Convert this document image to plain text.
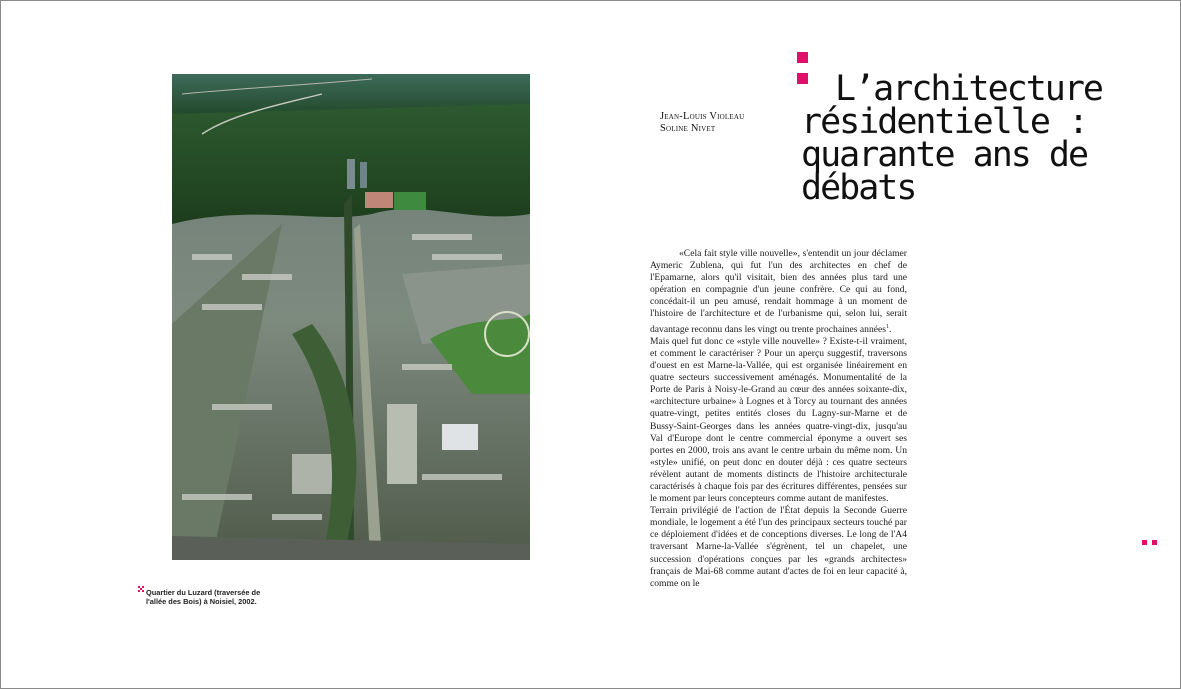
Quartier du Luzard (traversée de l'allée des Bois) à Noisiel, 2002.
Jean-Louis Violeau
Soline Nivet
L’architecture
résidentielle :
quarante ans de
débats

«Cela fait style ville nouvelle», s'entendit un jour déclamer Aymeric Zublena, qui fut l'un des architectes en chef de l'Epamarne, alors qu'il visitait, bien des années plus tard une opération en compagnie d'un jeune confrère. Ce qui au fond, concédait-il un peu amusé, rendait hommage à un moment de l'histoire de l'architecture et de l'urbanisme qui, selon lui, serait davantage reconnu dans les vingt ou trente prochaines années$^1$.

Mais quel fut donc ce «style ville nouvelle» ? Existe-t-il vraiment, et comment le caractériser ? Pour un aperçu suggestif, traversons d'ouest en est Marne-la-Vallée, qui est organisée linéairement en quatre secteurs successivement aménagés. Monumentalité de la Porte de Paris à Noisy-le-Grand au cœur des années soixante-dix, «architecture urbaine» à Lognes et à Torcy au tournant des années quatre-vingt, petites entités closes du Lagny-sur-Marne et de Bussy-Saint-Georges dans les années quatre-vingt-dix, jusqu'au Val d'Europe dont le centre commercial éponyme a ouvert ses portes en 2000, trois ans avant le centre urbain du même nom. Un «style» unifié, on peut donc en douter déjà : ces quatre secteurs révèlent autant de moments distincts de l'histoire architecturale caractérisés à chaque fois par des écritures différentes, pensées sur le moment par leurs concepteurs comme autant de manifestes.

Terrain privilégié de l'action de l'État depuis la Seconde Guerre mondiale, le logement a été l'un des principaux secteurs touché par ce déploiement d'idées et de conceptions diverses. Le long de l'A4 traversant Marne-la-Vallée s'égrènent, tel un chapelet, une succession d'opérations conçues par les «grands architectes» français de Mai-68 comme autant d'actes de foi en leur capacité à, comme on le
